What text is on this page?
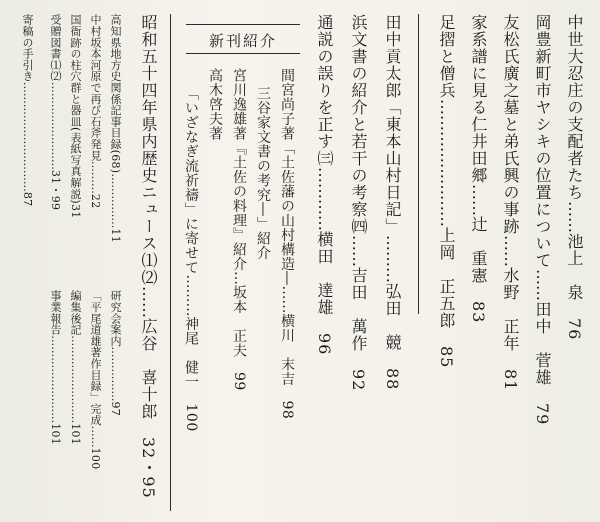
中世大忍庄の支配者たち……池上　泉　76
岡豊新町市ヤシキの位置について……田中　菅雄　79
友松氏廣之墓と弟氏興の事跡……水野　正年　81
家系譜に見る仁井田郷……辻　重憲　83
足摺と僧兵……………………上岡　正五郎　85
田中貢太郎「東本山村日記」………弘田　競　88
浜文書の紹介と若干の考察㈣……吉田　萬作　92
通説の誤りを正す㈢…………横田　達雄　96
新刊紹介
間宮尚子著「土佐藩の山村構造―……横川　末吉　98
三谷家文書の考究―」紹介
宮川逸雄著『土佐の料理』紹介…坂本　正夫　99
高木啓夫著
「いざなぎ流祈禱」に寄せて………神尾　健一　100
昭和五十四年県内歴史ニュース⑴⑵……広谷　喜十郎　32・95
高知県地方史関係記事目録(68)……………11
中村坂本河原で再び石斧発見………22
国衙跡の柱穴群と器皿(表紙写真解説)31
受贈図書⑴⑵……………………31・99
寄稿の手引き…………………………87
研究会案内……………97
「平尾道雄著作目録」完成……100
編集後記……………………101
事業報告……………………101
